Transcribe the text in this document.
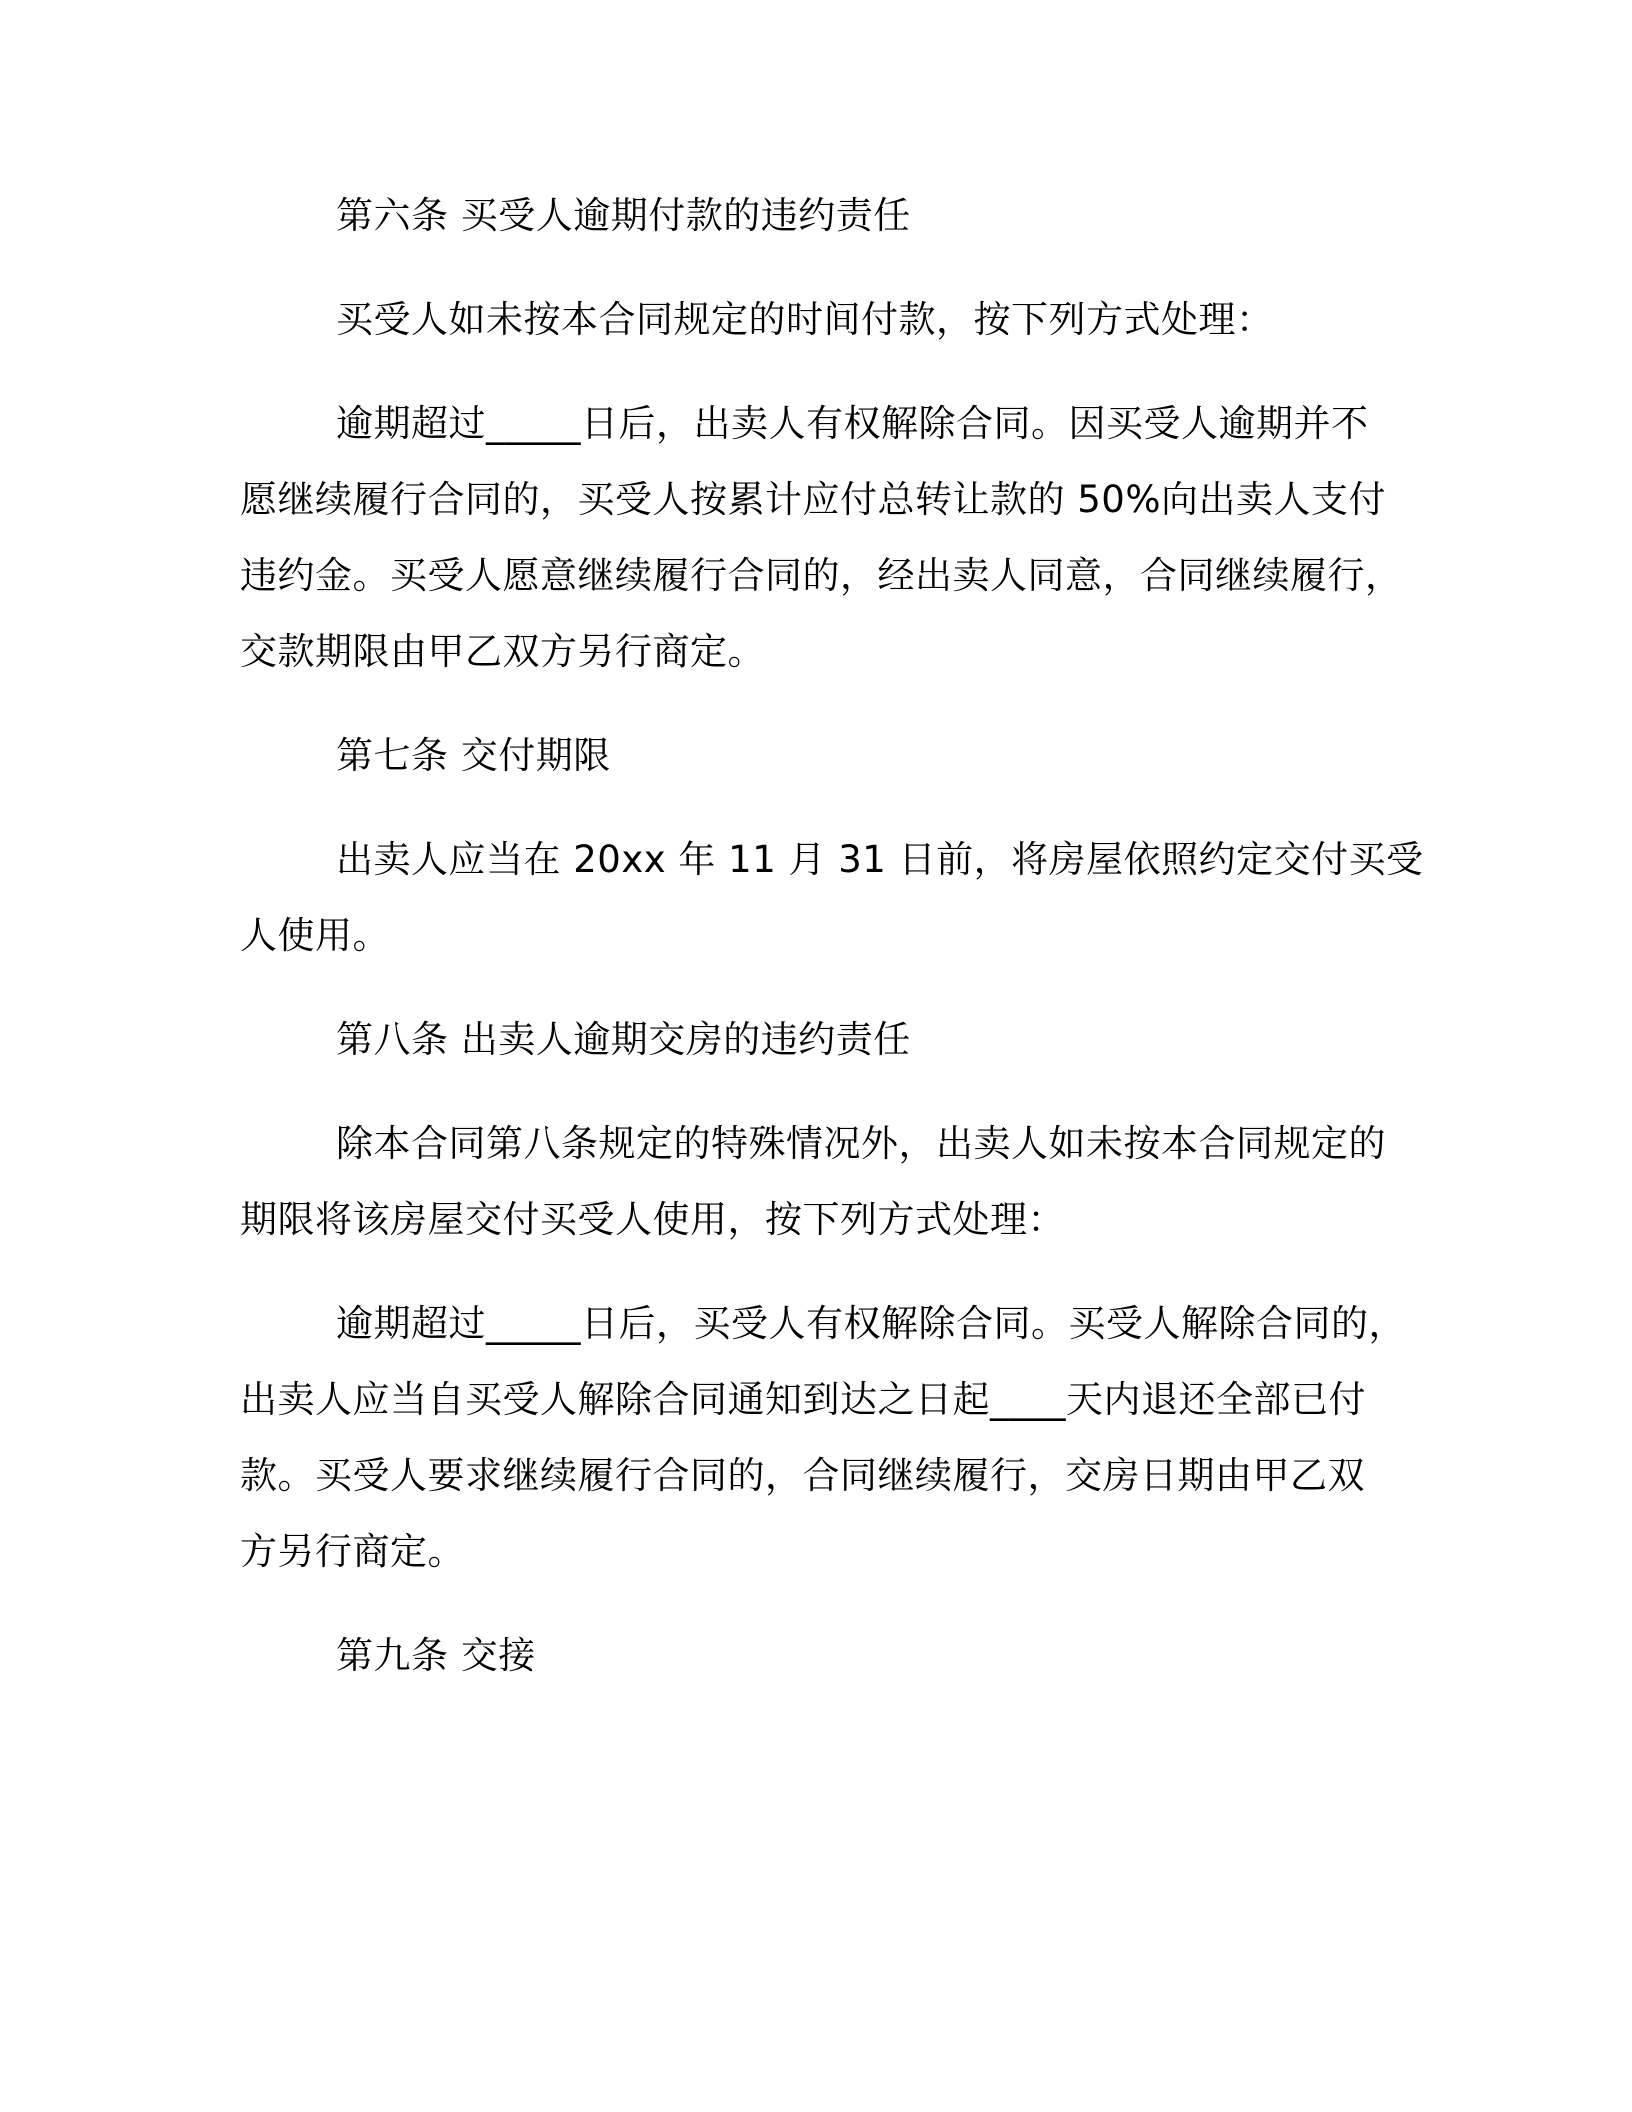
第六条 买受人逾期付款的违约责任
买受人如未按本合同规定的时间付款，按下列方式处理：
逾期超过_____日后，出卖人有权解除合同。因买受人逾期并不
愿继续履行合同的，买受人按累计应付总转让款的 50%向出卖人支付
违约金。买受人愿意继续履行合同的，经出卖人同意，合同继续履行，
交款期限由甲乙双方另行商定。
第七条 交付期限
出卖人应当在 20xx 年 11 月 31 日前，将房屋依照约定交付买受
人使用。
第八条 出卖人逾期交房的违约责任
除本合同第八条规定的特殊情况外，出卖人如未按本合同规定的
期限将该房屋交付买受人使用，按下列方式处理：
逾期超过_____日后，买受人有权解除合同。买受人解除合同的，
出卖人应当自买受人解除合同通知到达之日起____天内退还全部已付
款。买受人要求继续履行合同的，合同继续履行，交房日期由甲乙双
方另行商定。
第九条 交接
